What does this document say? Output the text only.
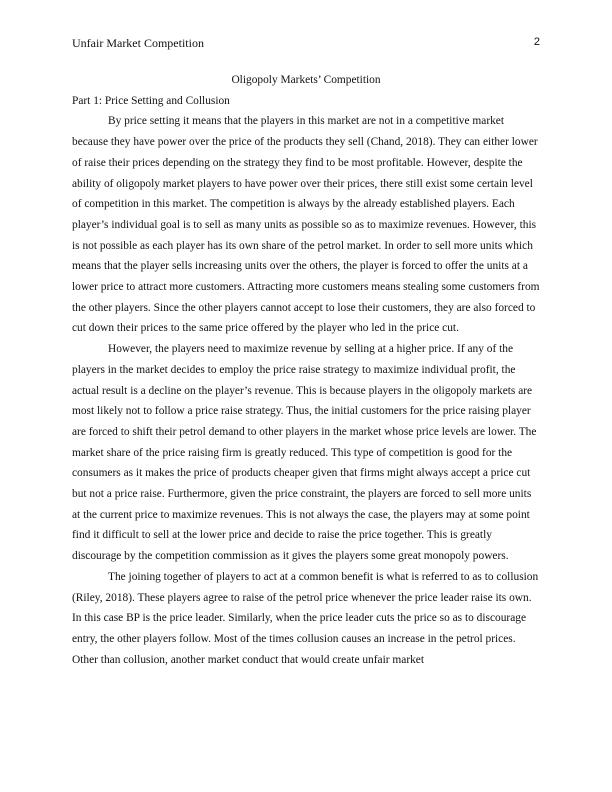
Unfair Market Competition	2

Oligopoly Markets’ Competition

Part 1: Price Setting and Collusion

By price setting it means that the players in this market are not in a competitive market because they have power over the price of the products they sell (Chand, 2018). They can either lower of raise their prices depending on the strategy they find to be most profitable. However, despite the ability of oligopoly market players to have power over their prices, there still exist some certain level of competition in this market. The competition is always by the already established players. Each player’s individual goal is to sell as many units as possible so as to maximize revenues. However, this is not possible as each player has its own share of the petrol market. In order to sell more units which means that the player sells increasing units over the others, the player is forced to offer the units at a lower price to attract more customers. Attracting more customers means stealing some customers from the other players. Since the other players cannot accept to lose their customers, they are also forced to cut down their prices to the same price offered by the player who led in the price cut.

However, the players need to maximize revenue by selling at a higher price. If any of the players in the market decides to employ the price raise strategy to maximize individual profit, the actual result is a decline on the player’s revenue. This is because players in the oligopoly markets are most likely not to follow a price raise strategy. Thus, the initial customers for the price raising player are forced to shift their petrol demand to other players in the market whose price levels are lower. The market share of the price raising firm is greatly reduced. This type of competition is good for the consumers as it makes the price of products cheaper given that firms might always accept a price cut but not a price raise. Furthermore, given the price constraint, the players are forced to sell more units at the current price to maximize revenues. This is not always the case, the players may at some point find it difficult to sell at the lower price and decide to raise the price together. This is greatly discourage by the competition commission as it gives the players some great monopoly powers.

The joining together of players to act at a common benefit is what is referred to as to collusion (Riley, 2018). These players agree to raise of the petrol price whenever the price leader raise its own. In this case BP is the price leader. Similarly, when the price leader cuts the price so as to discourage entry, the other players follow. Most of the times collusion causes an increase in the petrol prices. Other than collusion, another market conduct that would create unfair market
